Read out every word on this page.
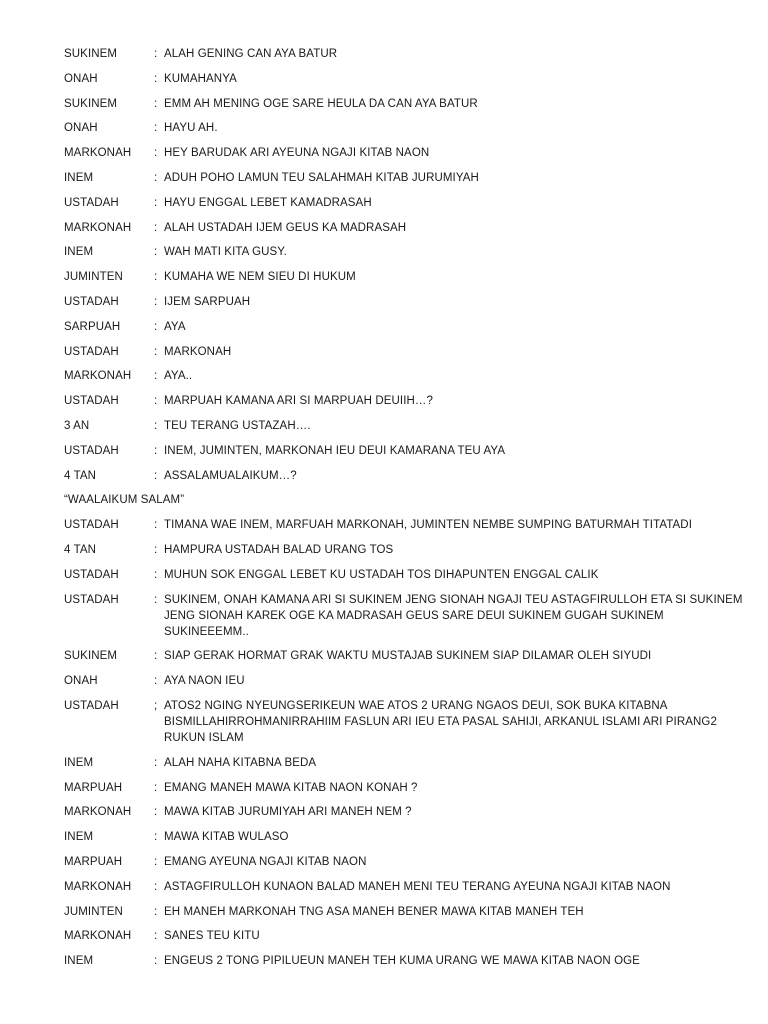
SUKINEM	: ALAH GENING CAN AYA BATUR
ONAH	: KUMAHANYA
SUKINEM	: EMM AH MENING OGE SARE HEULA DA CAN AYA BATUR
ONAH	: HAYU AH.
MARKONAH	: HEY BARUDAK ARI AYEUNA NGAJI KITAB NAON
INEM	: ADUH POHO LAMUN TEU SALAHMAH KITAB JURUMIYAH
USTADAH	: HAYU ENGGAL LEBET KAMADRASAH
MARKONAH	: ALAH USTADAH IJEM GEUS KA MADRASAH
INEM	: WAH MATI KITA GUSY.
JUMINTEN	: KUMAHA WE NEM SIEU DI HUKUM
USTADAH	: IJEM SARPUAH
SARPUAH	: AYA
USTADAH	: MARKONAH
MARKONAH	: AYA..
USTADAH	: MARPUAH KAMANA ARI SI MARPUAH DEUIIH…?
3 AN	: TEU TERANG USTAZAH….
USTADAH	: INEM, JUMINTEN, MARKONAH IEU DEUI KAMARANA TEU AYA
4 TAN	: ASSALAMUALAIKUM…?
“WAALAIKUM SALAM”
USTADAH	: TIMANA WAE INEM, MARFUAH MARKONAH, JUMINTEN NEMBE SUMPING BATURMAH TITATADI
4 TAN	: HAMPURA USTADAH BALAD URANG TOS
USTADAH	: MUHUN SOK ENGGAL LEBET KU USTADAH TOS DIHAPUNTEN ENGGAL CALIK
USTADAH	: SUKINEM, ONAH KAMANA ARI SI SUKINEM JENG SIONAH NGAJI TEU ASTAGFIRULLOH ETA SI SUKINEM JENG SIONAH KAREK OGE KA MADRASAH GEUS SARE DEUI SUKINEM GUGAH SUKINEM SUKINEEEMM..
SUKINEM	: SIAP GERAK HORMAT GRAK WAKTU MUSTAJAB SUKINEM SIAP DILAMAR OLEH SIYUDI
ONAH	: AYA NAON IEU
USTADAH	; ATOS2 NGING NYEUNGSERIKEUN WAE ATOS 2 URANG NGAOS DEUI, SOK BUKA KITABNA BISMILLAHIRROHMANIRRAHIIM FASLUN ARI IEU ETA PASAL SAHIJI, ARKANUL ISLAMI ARI PIRANG2 RUKUN ISLAM
INEM	: ALAH NAHA KITABNA BEDA
MARPUAH	: EMANG MANEH MAWA KITAB NAON KONAH ?
MARKONAH	: MAWA KITAB JURUMIYAH ARI MANEH NEM ?
INEM	: MAWA KITAB WULASO
MARPUAH	: EMANG AYEUNA NGAJI KITAB NAON
MARKONAH	: ASTAGFIRULLOH KUNAON BALAD MANEH MENI TEU TERANG AYEUNA NGAJI KITAB NAON
JUMINTEN	: EH MANEH MARKONAH TNG ASA MANEH BENER MAWA KITAB MANEH TEH
MARKONAH	: SANES TEU KITU
INEM	: ENGEUS 2 TONG PIPILUEUN MANEH TEH KUMA URANG WE MAWA KITAB NAON OGE
